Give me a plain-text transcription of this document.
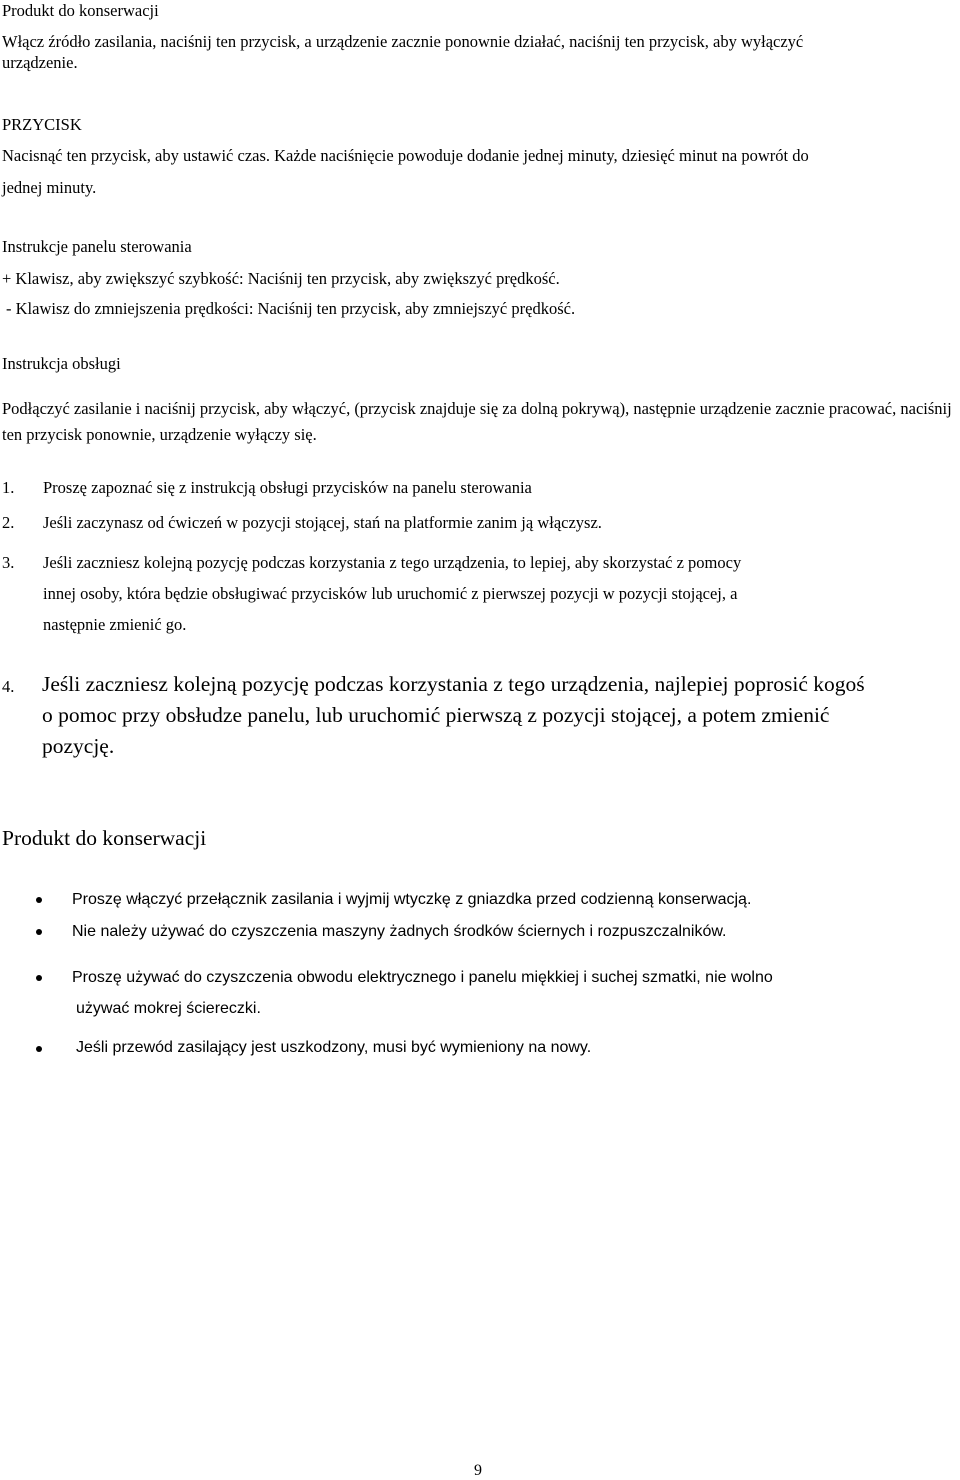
Produkt do konserwacji
Włącz źródło zasilania, naciśnij ten przycisk, a urządzenie zacznie ponownie działać, naciśnij ten przycisk, aby wyłączyć
urządzenie.
PRZYCISK
Nacisnąć ten przycisk, aby ustawić czas. Każde naciśnięcie powoduje dodanie jednej minuty, dziesięć minut na powrót do
jednej minuty.
Instrukcje panelu sterowania
+ Klawisz, aby zwiększyć szybkość: Naciśnij ten przycisk, aby zwiększyć prędkość.
- Klawisz do zmniejszenia prędkości: Naciśnij ten przycisk, aby zmniejszyć prędkość.
Instrukcja obsługi
Podłączyć zasilanie i naciśnij przycisk, aby włączyć, (przycisk znajduje się za dolną pokrywą), następnie urządzenie zacznie pracować, naciśnij ten przycisk ponownie, urządzenie wyłączy się.
1. Proszę zapoznać się z instrukcją obsługi przycisków na panelu sterowania
2. Jeśli zaczynasz od ćwiczeń w pozycji stojącej, stań na platformie zanim ją włączysz.
3. Jeśli zaczniesz kolejną pozycję podczas korzystania z tego urządzenia, to lepiej, aby skorzystać z pomocy
innej osoby, która będzie obsługiwać przycisków lub uruchomić z pierwszej pozycji w pozycji stojącej, a
następnie zmienić go.
4. Jeśli zaczniesz kolejną pozycję podczas korzystania z tego urządzenia, najlepiej poprosić kogoś
o pomoc przy obsłudze panelu, lub uruchomić pierwszą z pozycji stojącej, a potem zmienić
pozycję.
Produkt do konserwacji
Proszę włączyć przełącznik zasilania i wyjmij wtyczkę z gniazdka przed codzienną konserwacją.
Nie należy używać do czyszczenia maszyny żadnych środków ściernych i rozpuszczalników.
Proszę używać do czyszczenia obwodu elektrycznego i panelu miękkiej i suchej szmatki, nie wolno
używać mokrej ściereczki.
Jeśli przewód zasilający jest uszkodzony, musi być wymieniony na nowy.
9
